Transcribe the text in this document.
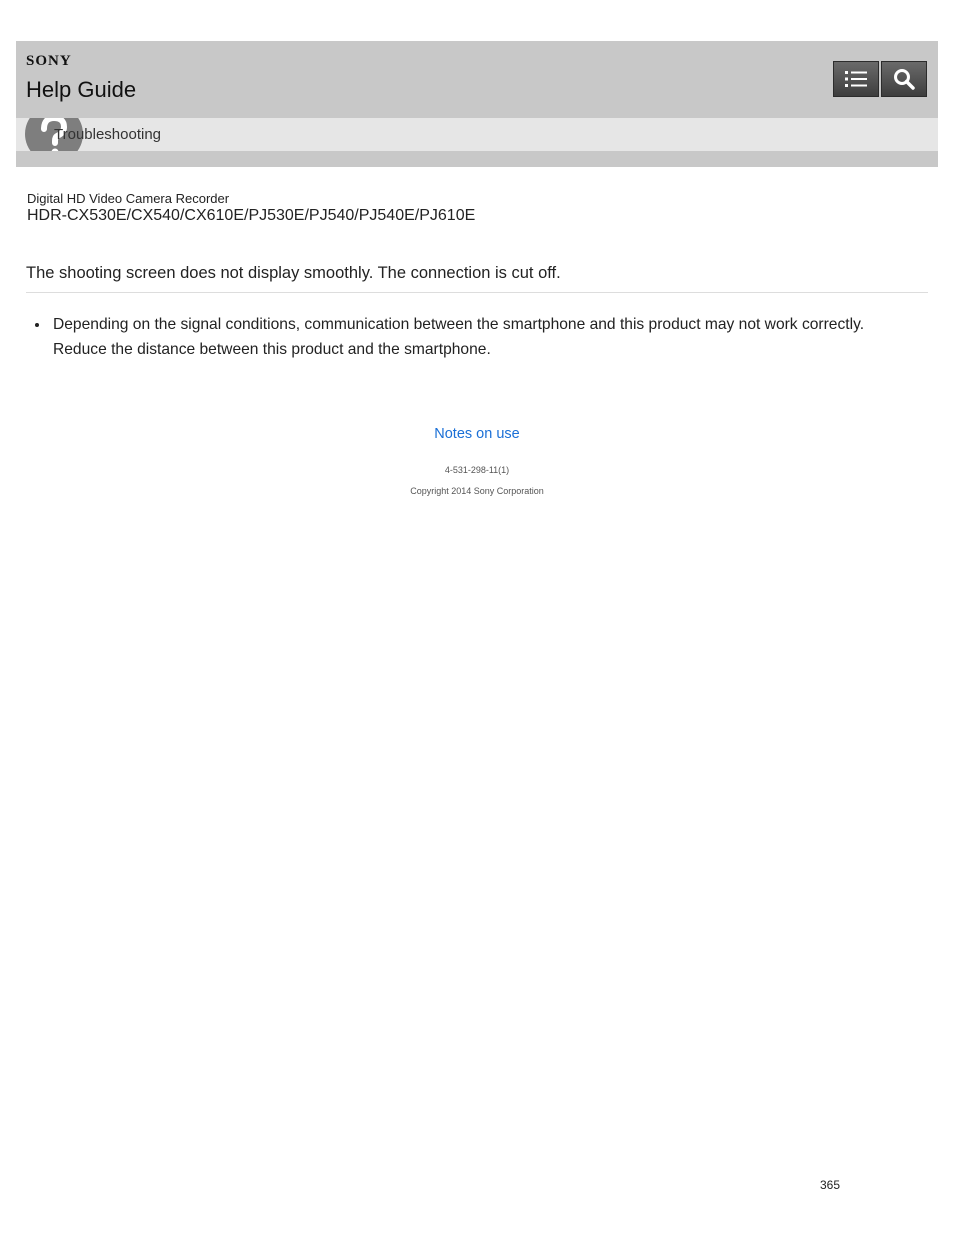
SONY
Help Guide
Troubleshooting
Digital HD Video Camera Recorder
HDR-CX530E/CX540/CX610E/PJ530E/PJ540/PJ540E/PJ610E
The shooting screen does not display smoothly. The connection is cut off.
Depending on the signal conditions, communication between the smartphone and this product may not work correctly. Reduce the distance between this product and the smartphone.
Notes on use
4-531-298-11(1)
Copyright 2014 Sony Corporation
365
